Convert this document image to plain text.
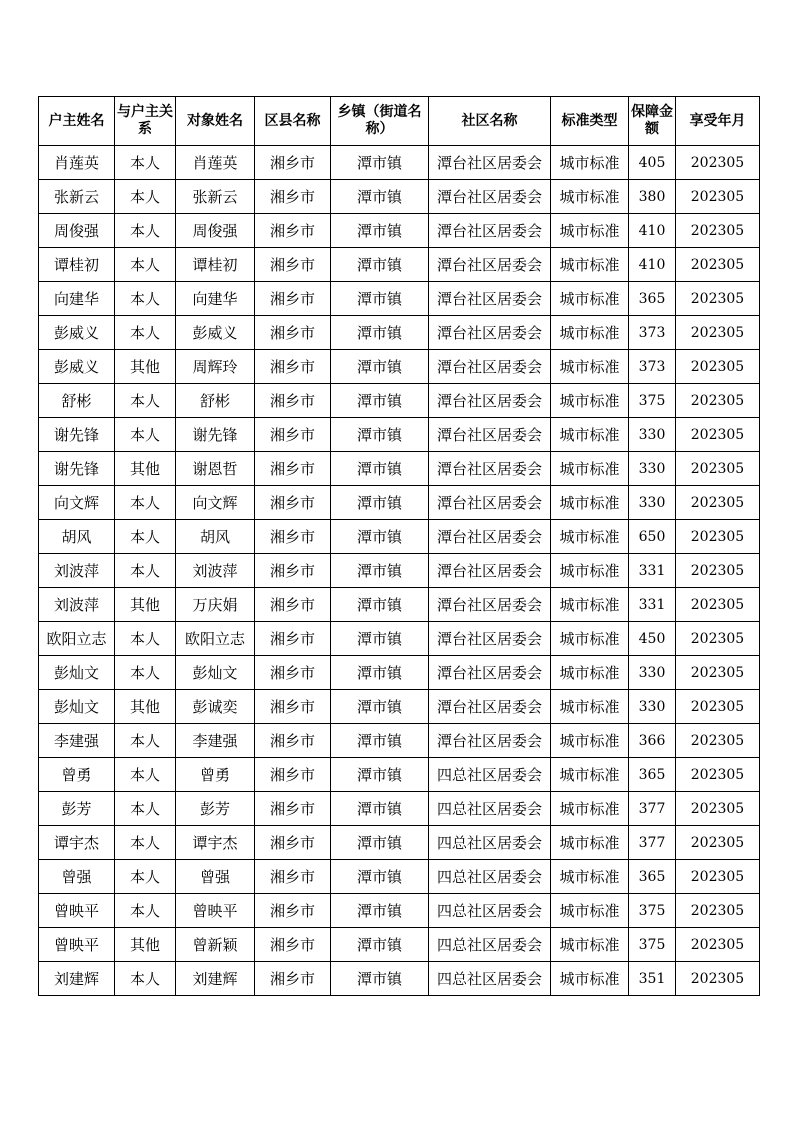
户主姓名	与户主关系	对象姓名	区县名称	乡镇（街道名称）	社区名称	标准类型	保障金额	享受年月
肖莲英	本人	肖莲英	湘乡市	潭市镇	潭台社区居委会	城市标准	405	202305
张新云	本人	张新云	湘乡市	潭市镇	潭台社区居委会	城市标准	380	202305
周俊强	本人	周俊强	湘乡市	潭市镇	潭台社区居委会	城市标准	410	202305
谭桂初	本人	谭桂初	湘乡市	潭市镇	潭台社区居委会	城市标准	410	202305
向建华	本人	向建华	湘乡市	潭市镇	潭台社区居委会	城市标准	365	202305
彭威义	本人	彭威义	湘乡市	潭市镇	潭台社区居委会	城市标准	373	202305
彭威义	其他	周辉玲	湘乡市	潭市镇	潭台社区居委会	城市标准	373	202305
舒彬	本人	舒彬	湘乡市	潭市镇	潭台社区居委会	城市标准	375	202305
谢先锋	本人	谢先锋	湘乡市	潭市镇	潭台社区居委会	城市标准	330	202305
谢先锋	其他	谢恩哲	湘乡市	潭市镇	潭台社区居委会	城市标准	330	202305
向文辉	本人	向文辉	湘乡市	潭市镇	潭台社区居委会	城市标准	330	202305
胡风	本人	胡风	湘乡市	潭市镇	潭台社区居委会	城市标准	650	202305
刘波萍	本人	刘波萍	湘乡市	潭市镇	潭台社区居委会	城市标准	331	202305
刘波萍	其他	万庆娟	湘乡市	潭市镇	潭台社区居委会	城市标准	331	202305
欧阳立志	本人	欧阳立志	湘乡市	潭市镇	潭台社区居委会	城市标准	450	202305
彭灿文	本人	彭灿文	湘乡市	潭市镇	潭台社区居委会	城市标准	330	202305
彭灿文	其他	彭诚奕	湘乡市	潭市镇	潭台社区居委会	城市标准	330	202305
李建强	本人	李建强	湘乡市	潭市镇	潭台社区居委会	城市标准	366	202305
曾勇	本人	曾勇	湘乡市	潭市镇	四总社区居委会	城市标准	365	202305
彭芳	本人	彭芳	湘乡市	潭市镇	四总社区居委会	城市标准	377	202305
谭宇杰	本人	谭宇杰	湘乡市	潭市镇	四总社区居委会	城市标准	377	202305
曾强	本人	曾强	湘乡市	潭市镇	四总社区居委会	城市标准	365	202305
曾映平	本人	曾映平	湘乡市	潭市镇	四总社区居委会	城市标准	375	202305
曾映平	其他	曾新颖	湘乡市	潭市镇	四总社区居委会	城市标准	375	202305
刘建辉	本人	刘建辉	湘乡市	潭市镇	四总社区居委会	城市标准	351	202305
